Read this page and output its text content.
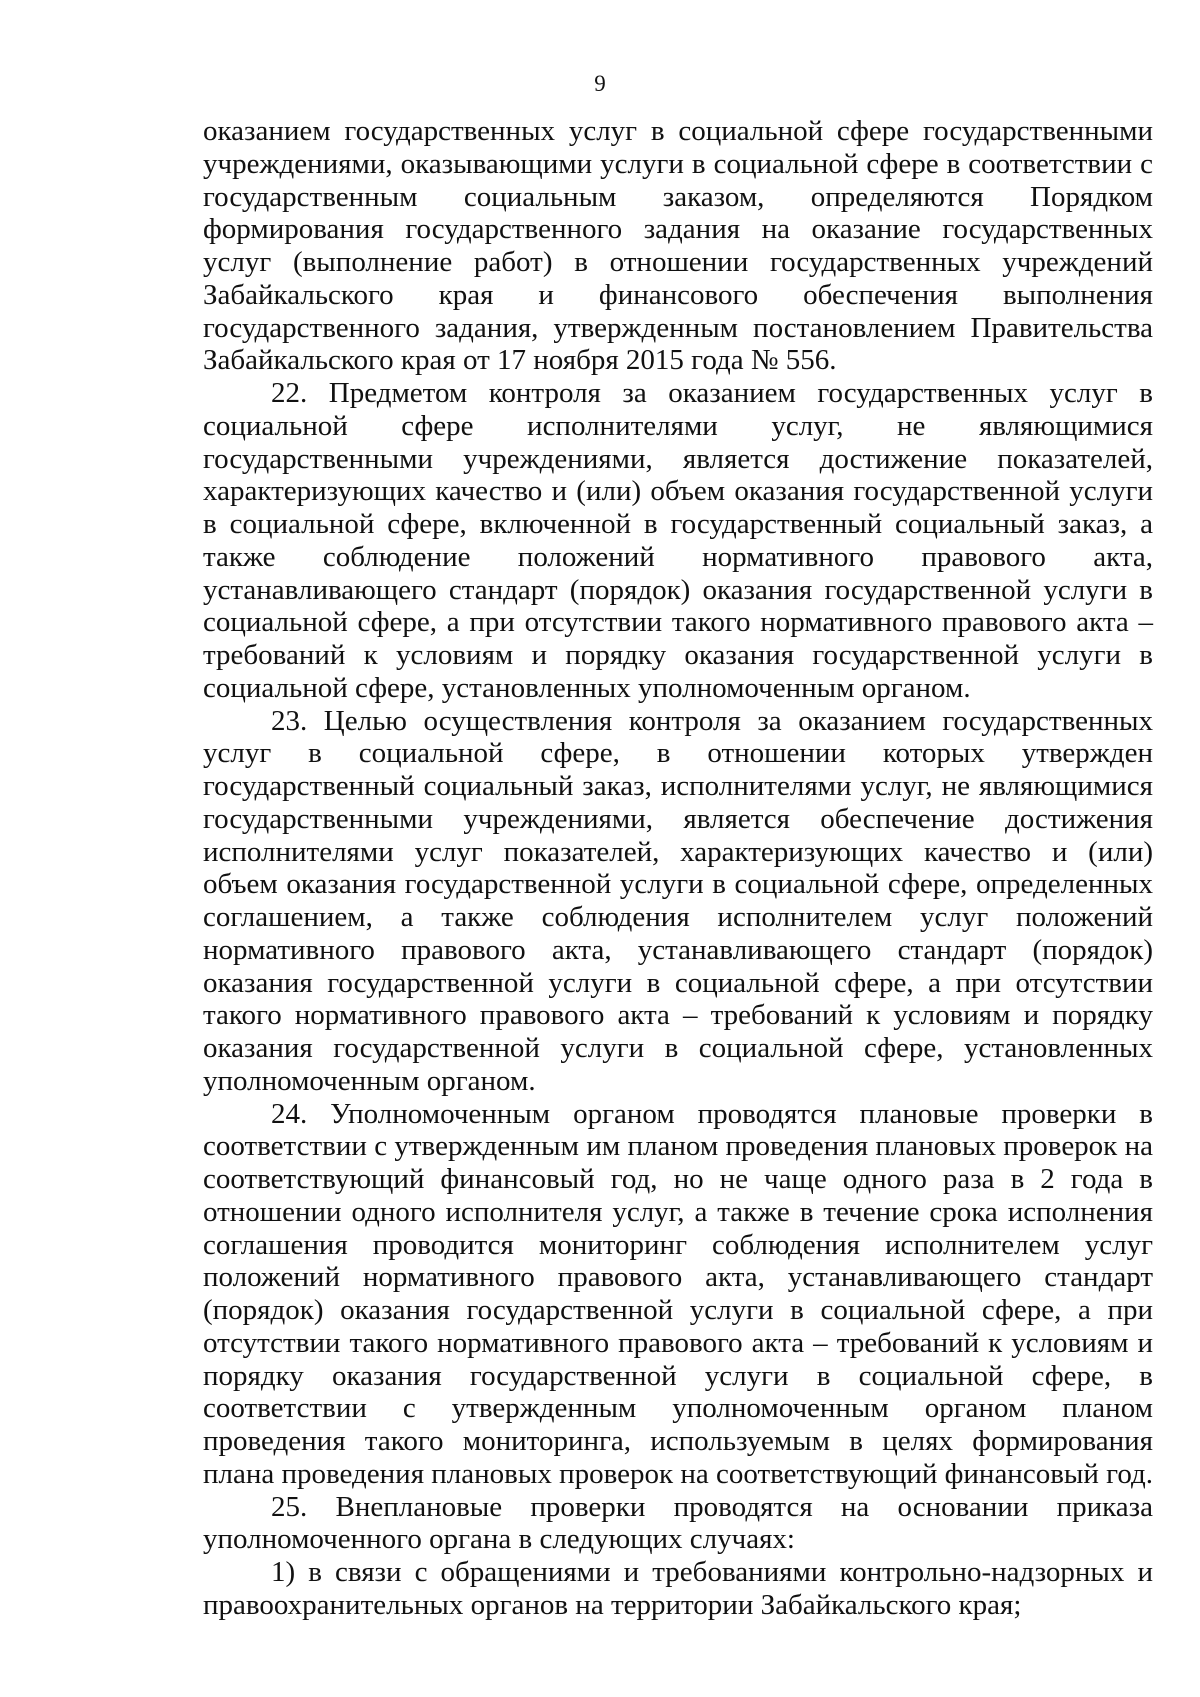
9

оказанием государственных услуг в социальной сфере государственными учреждениями, оказывающими услуги в социальной сфере в соответствии с государственным социальным заказом, определяются Порядком формирования государственного задания на оказание государственных услуг (выполнение работ) в отношении государственных учреждений Забайкальского края и финансового обеспечения выполнения государственного задания, утвержденным постановлением Правительства Забайкальского края от 17 ноября 2015 года № 556.

22. Предметом контроля за оказанием государственных услуг в социальной сфере исполнителями услуг, не являющимися государственными учреждениями, является достижение показателей, характеризующих качество и (или) объем оказания государственной услуги в социальной сфере, включенной в государственный социальный заказ, а также соблюдение положений нормативного правового акта, устанавливающего стандарт (порядок) оказания государственной услуги в социальной сфере, а при отсутствии такого нормативного правового акта – требований к условиям и порядку оказания государственной услуги в социальной сфере, установленных уполномоченным органом.

23. Целью осуществления контроля за оказанием государственных услуг в социальной сфере, в отношении которых утвержден государственный социальный заказ, исполнителями услуг, не являющимися государственными учреждениями, является обеспечение достижения исполнителями услуг показателей, характеризующих качество и (или) объем оказания государственной услуги в социальной сфере, определенных соглашением, а также соблюдения исполнителем услуг положений нормативного правового акта, устанавливающего стандарт (порядок) оказания государственной услуги в социальной сфере, а при отсутствии такого нормативного правового акта – требований к условиям и порядку оказания государственной услуги в социальной сфере, установленных уполномоченным органом.

24. Уполномоченным органом проводятся плановые проверки в соответствии с утвержденным им планом проведения плановых проверок на соответствующий финансовый год, но не чаще одного раза в 2 года в отношении одного исполнителя услуг, а также в течение срока исполнения соглашения проводится мониторинг соблюдения исполнителем услуг положений нормативного правового акта, устанавливающего стандарт (порядок) оказания государственной услуги в социальной сфере, а при отсутствии такого нормативного правового акта – требований к условиям и порядку оказания государственной услуги в социальной сфере, в соответствии с утвержденным уполномоченным органом планом проведения такого мониторинга, используемым в целях формирования плана проведения плановых проверок на соответствующий финансовый год.

25. Внеплановые проверки проводятся на основании приказа уполномоченного органа в следующих случаях:

1) в связи с обращениями и требованиями контрольно-надзорных и правоохранительных органов на территории Забайкальского края;
